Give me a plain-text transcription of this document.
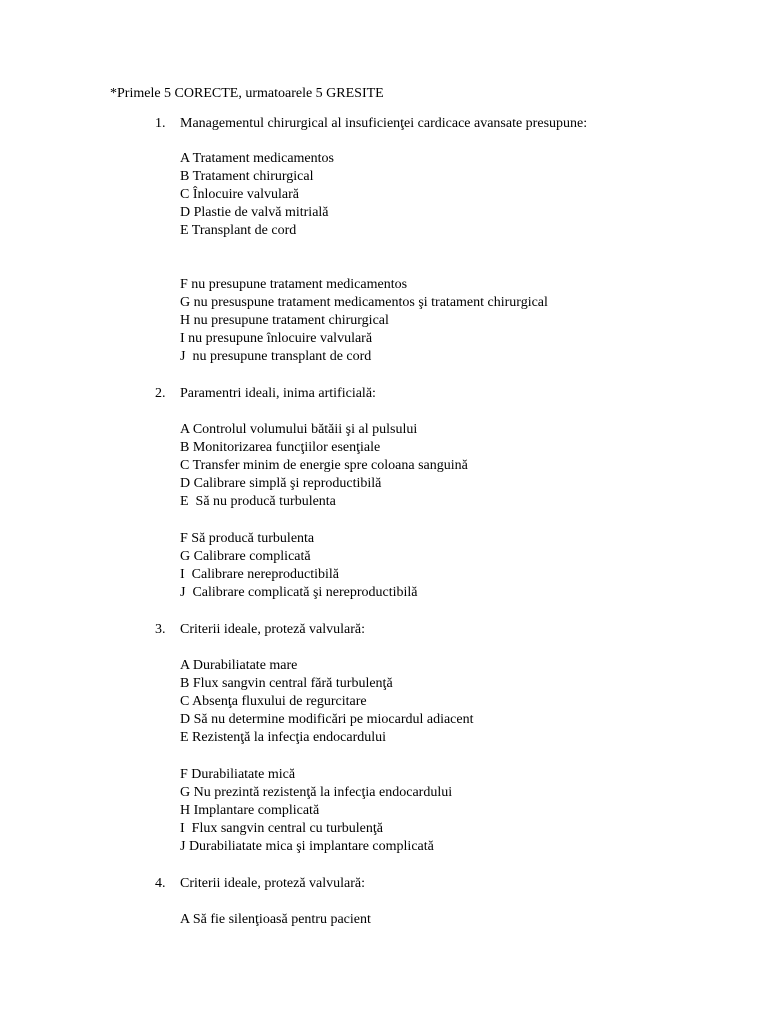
*Primele 5 CORECTE, urmatoarele 5 GRESITE
1. Managementul chirurgical al insuficienţei cardicace avansate presupune:
A Tratament medicamentos
B Tratament chirurgical
C Înlocuire valvulară
D Plastie de valvă mitrială
E Transplant de cord
F nu presupune tratament medicamentos
G nu presuspune tratament medicamentos şi tratament chirurgical
H nu presupune tratament chirurgical
I nu presupune înlocuire valvulară
J  nu presupune transplant de cord
2. Paramentri ideali, inima artificială:
A Controlul volumului bătăii şi al pulsului
B Monitorizarea funcţiilor esenţiale
C Transfer minim de energie spre coloana sanguină
D Calibrare simplă şi reproductibilă
E  Să nu producă turbulenta
F Să producă turbulenta
G Calibrare complicată
I  Calibrare nereproductibilă
J  Calibrare complicată şi nereproductibilă
3. Criterii ideale, proteză valvulară:
A Durabiliatate mare
B Flux sangvin central fără turbulenţă
C Absenţa fluxului de regurcitare
D Să nu determine modificări pe miocardul adiacent
E Rezistenţă la infecţia endocardului
F Durabiliatate mică
G Nu prezintă rezistenţă la infecţia endocardului
H Implantare complicată
I  Flux sangvin central cu turbulenţă
J Durabiliatate mica şi implantare complicată
4. Criterii ideale, proteză valvulară:
A Să fie silenţioasă pentru pacient
